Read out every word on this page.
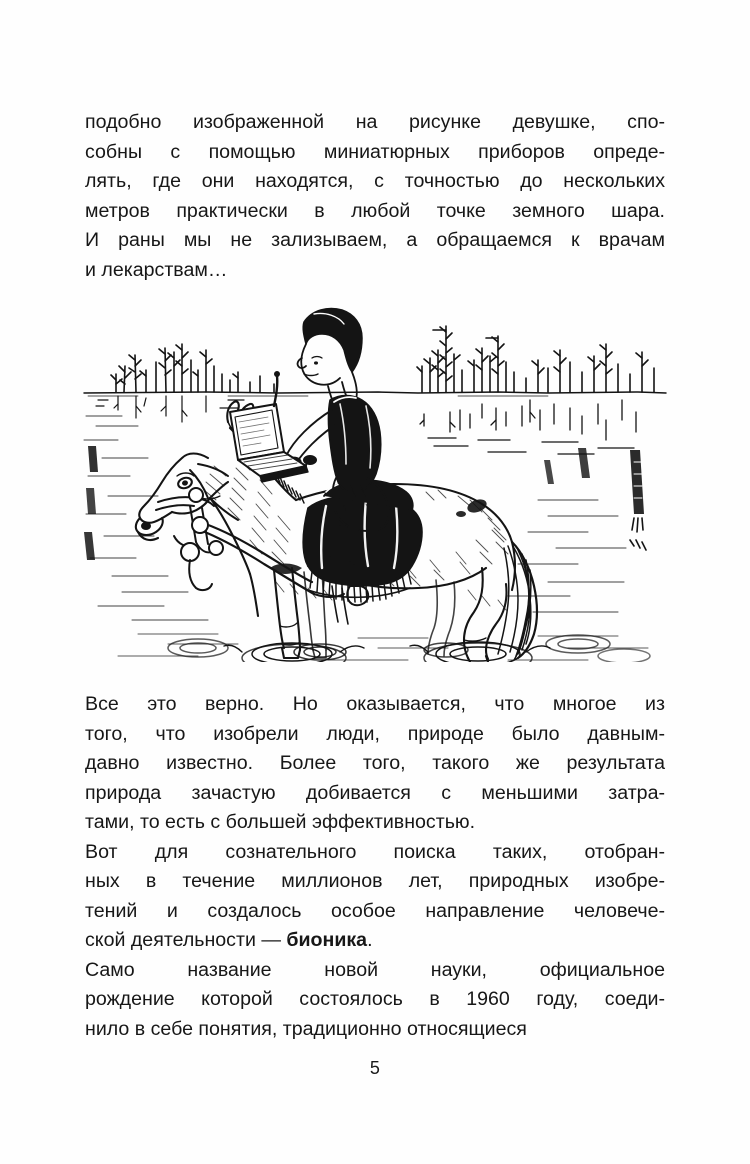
подобно изображенной на рисунке девушке, спо-
собны с помощью миниатюрных приборов опреде-
лять, где они находятся, с точностью до нескольких
метров практически в любой точке земного шара.
И раны мы не зализываем, а обращаемся к врачам
и лекарствам…

Все это верно. Но оказывается, что многое из
того, что изобрели люди, природе было давным-
давно известно. Более того, такого же результата
природа зачастую добивается с меньшими затра-
тами, то есть с большей эффективностью.

Вот для сознательного поиска таких, отобран-
ных в течение миллионов лет, природных изобре-
тений и создалось особое направление человече-
ской деятельности — бионика.

Само название новой науки, официальное
рождение которой состоялось в 1960 году, соеди-
нило в себе понятия, традиционно относящиеся

5
